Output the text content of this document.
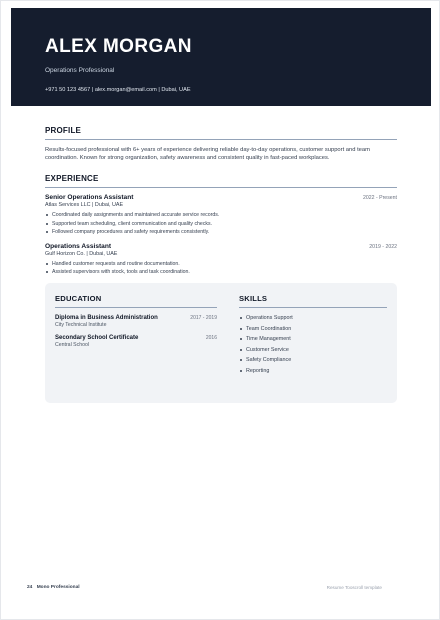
ALEX MORGAN
Operations Professional
+971 50 123 4567 | alex.morgan@email.com | Dubai, UAE
PROFILE
Results-focused professional with 6+ years of experience delivering reliable day-to-day operations, customer support and team coordination. Known for strong organization, safety awareness and consistent quality in fast-paced workplaces.
EXPERIENCE
Senior Operations Assistant	2022 - Present
Atlas Services LLC | Dubai, UAE
Coordinated daily assignments and maintained accurate service records.
Supported team scheduling, client communication and quality checks.
Followed company procedures and safety requirements consistently.
Operations Assistant	2019 - 2022
Gulf Horizon Co. | Dubai, UAE
Handled customer requests and routine documentation.
Assisted supervisors with stock, tools and task coordination.
EDUCATION
Diploma in Business Administration	2017 - 2019
City Technical Institute
Secondary School Certificate	2016
Central School
SKILLS
Operations Support
Team Coordination
Time Management
Customer Service
Safety Compliance
Reporting
24 Mono Professional	Resume Tooscroll template
